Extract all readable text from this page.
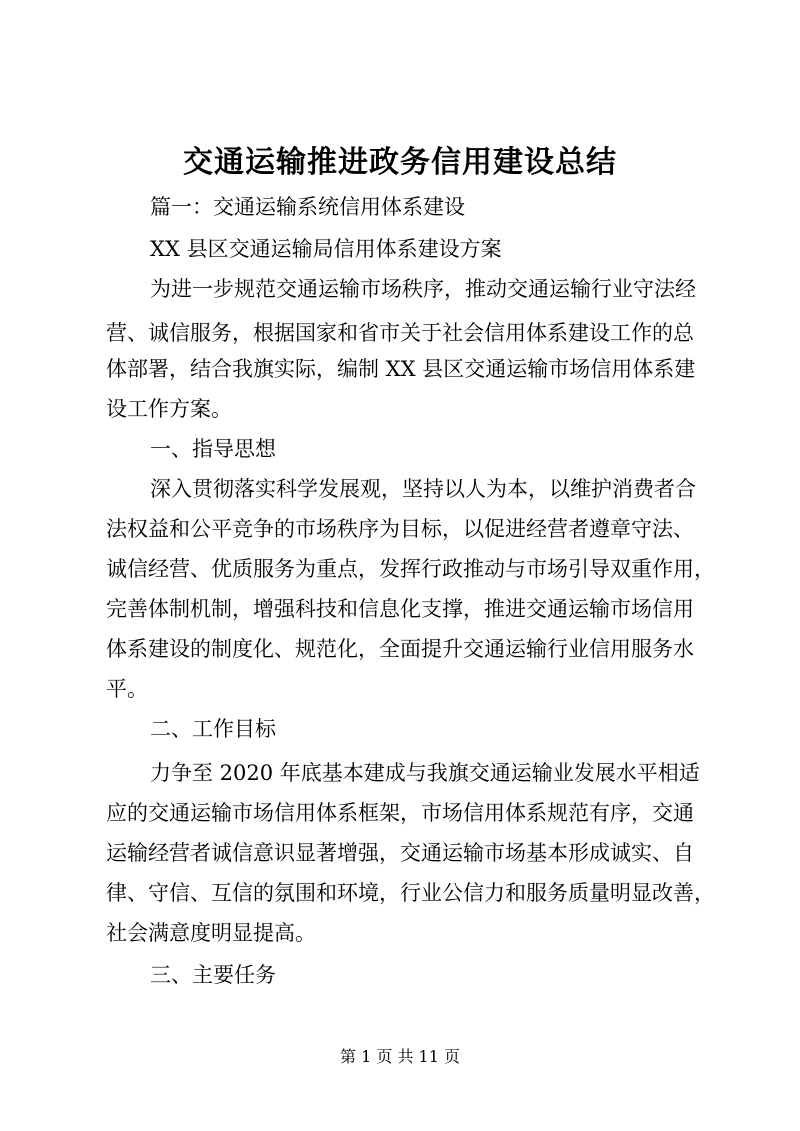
交通运输推进政务信用建设总结
篇一：交通运输系统信用体系建设
XX 县区交通运输局信用体系建设方案
为进一步规范交通运输市场秩序，推动交通运输行业守法经
营、诚信服务，根据国家和省市关于社会信用体系建设工作的总
体部署，结合我旗实际，编制 XX 县区交通运输市场信用体系建
设工作方案。
一、指导思想
深入贯彻落实科学发展观，坚持以人为本，以维护消费者合
法权益和公平竞争的市场秩序为目标，以促进经营者遵章守法、
诚信经营、优质服务为重点，发挥行政推动与市场引导双重作用，
完善体制机制，增强科技和信息化支撑，推进交通运输市场信用
体系建设的制度化、规范化，全面提升交通运输行业信用服务水
平。
二、工作目标
力争至 2020 年底基本建成与我旗交通运输业发展水平相适
应的交通运输市场信用体系框架，市场信用体系规范有序，交通
运输经营者诚信意识显著增强，交通运输市场基本形成诚实、自
律、守信、互信的氛围和环境，行业公信力和服务质量明显改善，
社会满意度明显提高。
三、主要任务
第 1 页 共 11 页
